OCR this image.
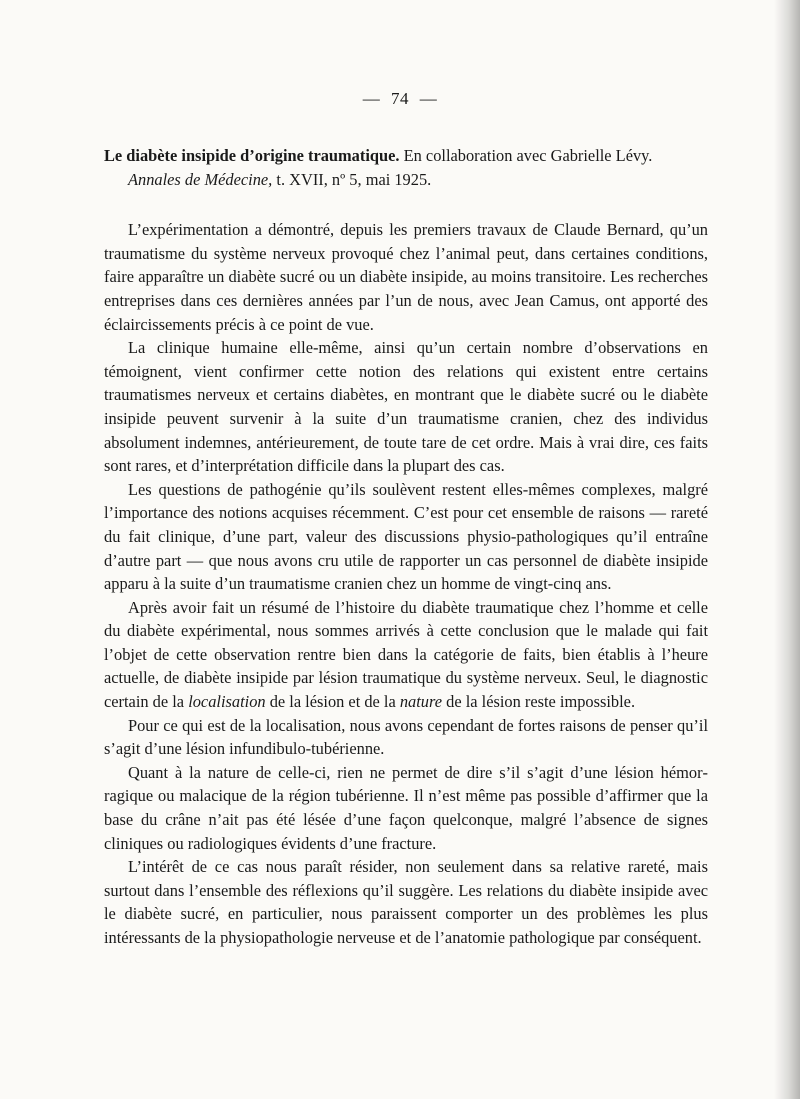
— 74 —

Le diabète insipide d’origine traumatique. En collaboration avec Gabrielle Lévy.
Annales de Médecine, t. XVII, nº 5, mai 1925.

L’expérimentation a démontré, depuis les premiers travaux de Claude Bernard, qu’un traumatisme du système nerveux provoqué chez l’animal peut, dans certaines conditions, faire apparaître un diabète sucré ou un diabète insipide, au moins transitoire. Les recherches entreprises dans ces dernières années par l’un de nous, avec Jean Camus, ont apporté des éclaircissements précis à ce point de vue.

La clinique humaine elle-même, ainsi qu’un certain nombre d’observations en témoignent, vient confirmer cette notion des relations qui existent entre certains traumatismes nerveux et certains diabètes, en montrant que le diabète sucré ou le diabète insipide peuvent survenir à la suite d’un traumatisme cranien, chez des individus absolument indemnes, antérieurement, de toute tare de cet ordre. Mais à vrai dire, ces faits sont rares, et d’interprétation difficile dans la plupart des cas.

Les questions de pathogénie qu’ils soulèvent restent elles-mêmes complexes, malgré l’importance des notions acquises récemment. C’est pour cet ensemble de raisons — rareté du fait clinique, d’une part, valeur des discussions physio-pathologiques qu’il entraîne d’autre part — que nous avons cru utile de rapporter un cas personnel de diabète insipide apparu à la suite d’un traumatisme cranien chez un homme de vingt-cinq ans.

Après avoir fait un résumé de l’histoire du diabète traumatique chez l’homme et celle du diabète expérimental, nous sommes arrivés à cette conclusion que le malade qui fait l’objet de cette observation rentre bien dans la catégorie de faits, bien établis à l’heure actuelle, de diabète insipide par lésion traumatique du système nerveux. Seul, le diagnostic certain de la localisation de la lésion et de la nature de la lésion reste impossible.

Pour ce qui est de la localisation, nous avons cependant de fortes raisons de penser qu’il s’agit d’une lésion infundibulo-tubérienne.

Quant à la nature de celle-ci, rien ne permet de dire s’il s’agit d’une lésion hémorragique ou malacique de la région tubérienne. Il n’est même pas possible d’affirmer que la base du crâne n’ait pas été lésée d’une façon quelconque, malgré l’absence de signes cliniques ou radiologiques évidents d’une fracture.

L’intérêt de ce cas nous paraît résider, non seulement dans sa relative rareté, mais surtout dans l’ensemble des réflexions qu’il suggère. Les relations du diabète insipide avec le diabète sucré, en particulier, nous paraissent comporter un des problèmes les plus intéressants de la physiopathologie nerveuse et de l’anatomie pathologique par conséquent.
